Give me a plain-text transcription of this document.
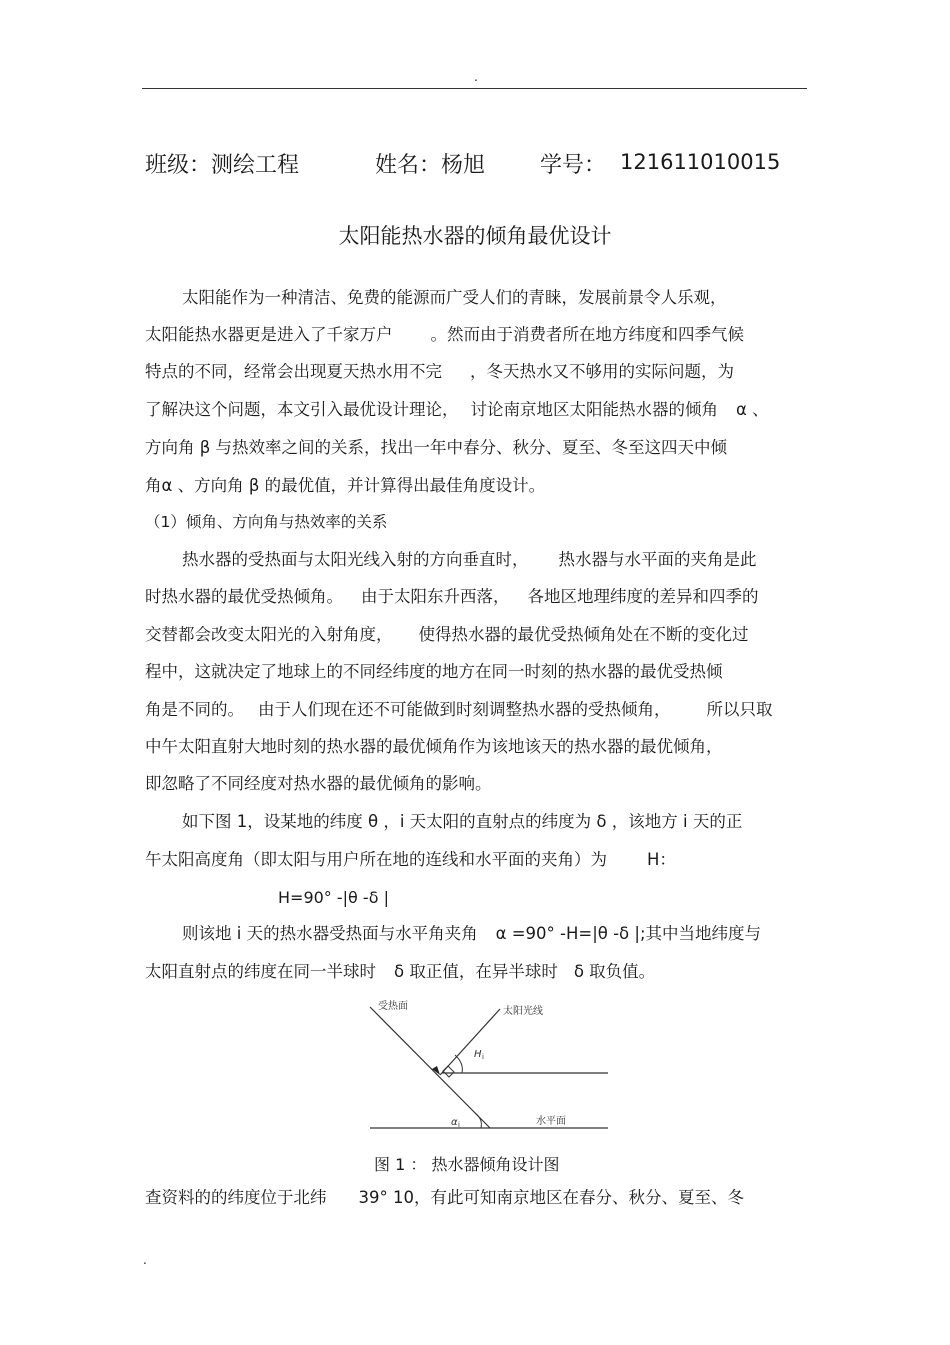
.
班级：测绘工程	姓名：杨旭 学号： 121611010015
太阳能热水器的倾角最优设计
太阳能作为一种清洁、免费的能源而广受人们的青睐，发展前景令人乐观，
太阳能热水器更是进入了千家万户 。然而由于消费者所在地方纬度和四季气候
特点的不同，经常会出现夏天热水用不完 ，冬天热水又不够用的实际问题，为
了解决这个问题，本文引入最优设计理论， 讨论南京地区太阳能热水器的倾角 α 、
方向角 β 与热效率之间的关系，找出一年中春分、秋分、夏至、冬至这四天中倾
角α 、方向角 β 的最优值，并计算得出最佳角度设计。
（1）倾角、方向角与热效率的关系
热水器的受热面与太阳光线入射的方向垂直时， 热水器与水平面的夹角是此
时热水器的最优受热倾角。 由于太阳东升西落， 各地区地理纬度的差异和四季的
交替都会改变太阳光的入射角度， 使得热水器的最优受热倾角处在不断的变化过
程中，这就决定了地球上的不同经纬度的地方在同一时刻的热水器的最优受热倾
角是不同的。 由于人们现在还不可能做到时刻调整热水器的受热倾角， 所以只取
中午太阳直射大地时刻的热水器的最优倾角作为该地该天的热水器的最优倾角，
即忽略了不同经度对热水器的最优倾角的影响。
如下图 1，设某地的纬度 θ ，i 天太阳的直射点的纬度为 δ ，该地方 i 天的正
午太阳高度角（即太阳与用户所在地的连线和水平面的夹角）为 H：
H=90° -|θ -δ |
则该地 i 天的热水器受热面与水平角夹角 α =90° -H=|θ -δ |;其中当地纬度与
太阳直射点的纬度在同一半球时 δ 取正值，在异半球时 δ 取负值。
受热面	太阳光线
H i
α i	水平面
图 1 ： 热水器倾角设计图
查资料的的纬度位于北纬 39° 10，有此可知南京地区在春分、秋分、夏至、冬
.
